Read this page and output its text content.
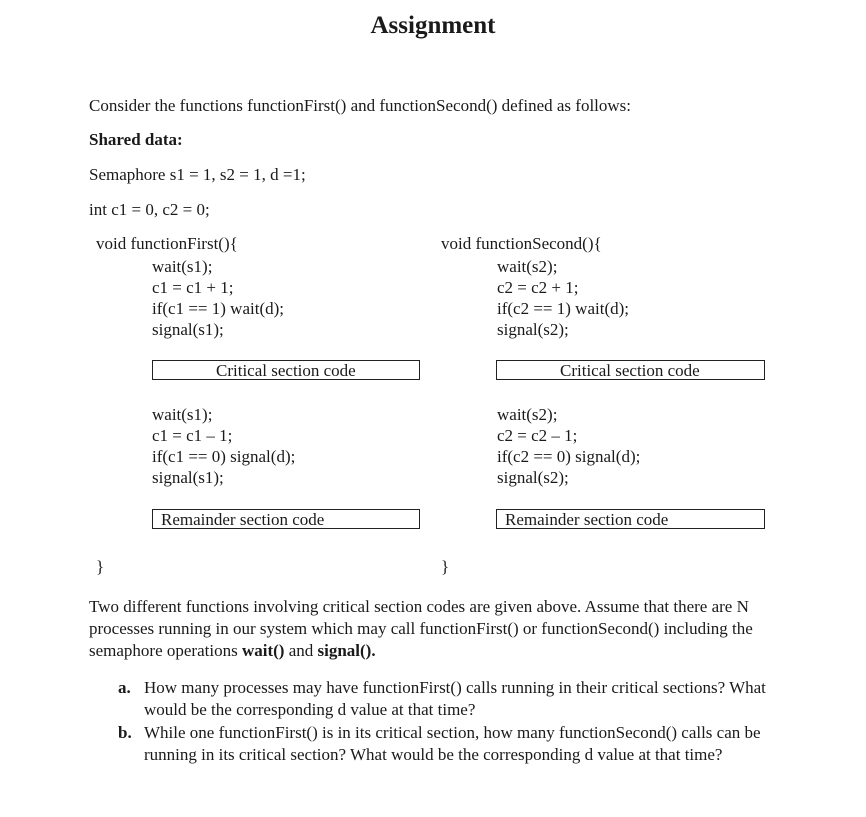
Assignment
Consider the functions functionFirst() and functionSecond() defined as follows:
Shared data:
Semaphore s1 = 1, s2 = 1, d =1;
int c1 = 0, c2 = 0;
void functionFirst(){
wait(s1);
c1 = c1 + 1;
if(c1 == 1) wait(d);
signal(s1);
Critical section code
wait(s1);
c1 = c1 – 1;
if(c1 == 0) signal(d);
signal(s1);
Remainder section code
}
void functionSecond(){
wait(s2);
c2 = c2 + 1;
if(c2 == 1) wait(d);
signal(s2);
Critical section code
wait(s2);
c2 = c2 – 1;
if(c2 == 0) signal(d);
signal(s2);
Remainder section code
}
Two different functions involving critical section codes are given above. Assume that there are N processes running in our system which may call functionFirst() or functionSecond() including the semaphore operations wait() and signal().
a. How many processes may have functionFirst() calls running in their critical sections? What would be the corresponding d value at that time?
b. While one functionFirst() is in its critical section, how many functionSecond() calls can be running in its critical section? What would be the corresponding d value at that time?
